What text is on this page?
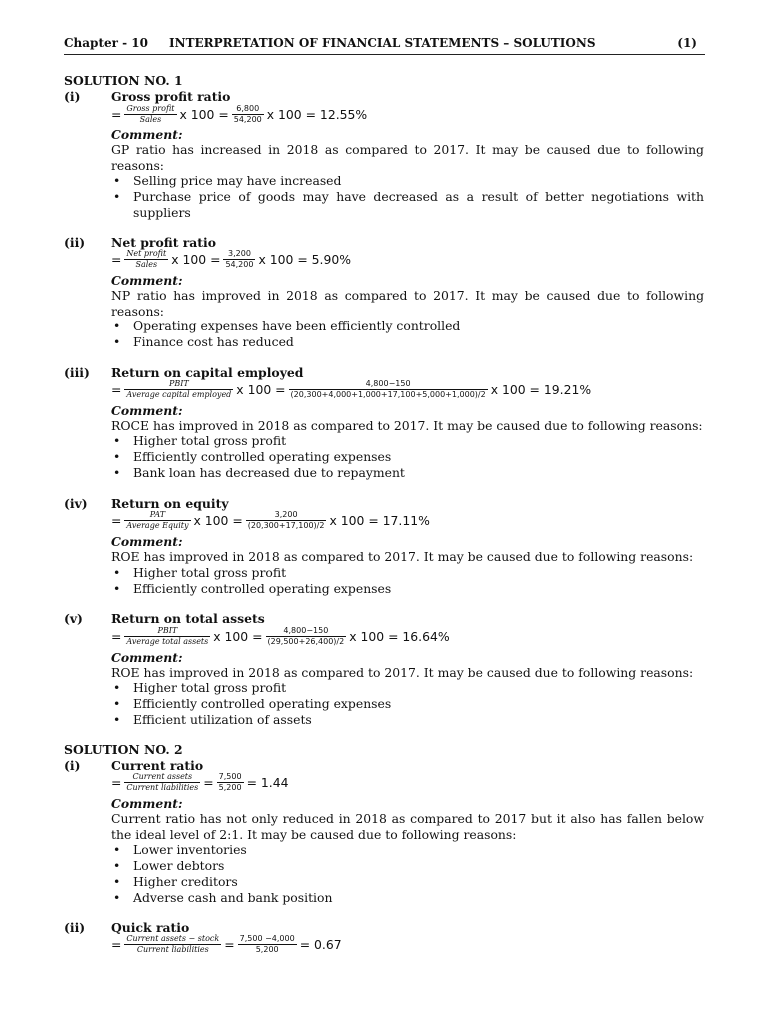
Chapter - 10 INTERPRETATION OF FINANCIAL STATEMENTS – SOLUTIONS	(1)
SOLUTION NO. 1
(i) Gross profit ratio
= $\frac{\text{Gross profit}}{\text{Sales}}$ x $100 = \frac{6,800}{54,200}$ x 100 = 12.55%
Comment:
GP ratio has increased in 2018 as compared to 2017. It may be caused due to following reasons:
• Selling price may have increased
• Purchase price of goods may have decreased as a result of better negotiations with suppliers
(ii) Net profit ratio
= $\frac{\text{Net profit}}{\text{Sales}}$ x $100 = \frac{3,200}{54,200}$ x 100 = 5.90%
Comment:
NP ratio has improved in 2018 as compared to 2017. It may be caused due to following reasons:
• Operating expenses have been efficiently controlled
• Finance cost has reduced
(iii) Return on capital employed
= $\frac{\text{PBIT}}{\text{Average capital employed}}$ x $100 = \frac{4,800-150}{(20,300+4,000+1,000+17,100+5,000+1,000)/2}$ x 100 = 19.21%
Comment:
ROCE has improved in 2018 as compared to 2017. It may be caused due to following reasons:
• Higher total gross profit
• Efficiently controlled operating expenses
• Bank loan has decreased due to repayment
(iv) Return on equity
= $\frac{\text{PAT}}{\text{Average Equity}}$ x $100 = \frac{3,200}{(20,300+17,100)/2}$ x 100 = 17.11%
Comment:
ROE has improved in 2018 as compared to 2017. It may be caused due to following reasons:
• Higher total gross profit
• Efficiently controlled operating expenses
(v) Return on total assets
= $\frac{\text{PBIT}}{\text{Average total assets}}$ x $100 = \frac{4,800-150}{(29,500+26,400)/2}$ x 100 = 16.64%
Comment:
ROE has improved in 2018 as compared to 2017. It may be caused due to following reasons:
• Higher total gross profit
• Efficiently controlled operating expenses
• Efficient utilization of assets
SOLUTION NO. 2
(i) Current ratio
= $\frac{\text{Current assets}}{\text{Current liabilities}} = \frac{7,500}{5,200} = 1.44$
Comment:
Current ratio has not only reduced in 2018 as compared to 2017 but it also has fallen below the ideal level of 2:1. It may be caused due to following reasons:
• Lower inventories
• Lower debtors
• Higher creditors
• Adverse cash and bank position
(ii) Quick ratio
= $\frac{\text{Current assets − stock}}{\text{Current liabilities}} = \frac{7,500 -4,000}{5,200} = 0.67$
